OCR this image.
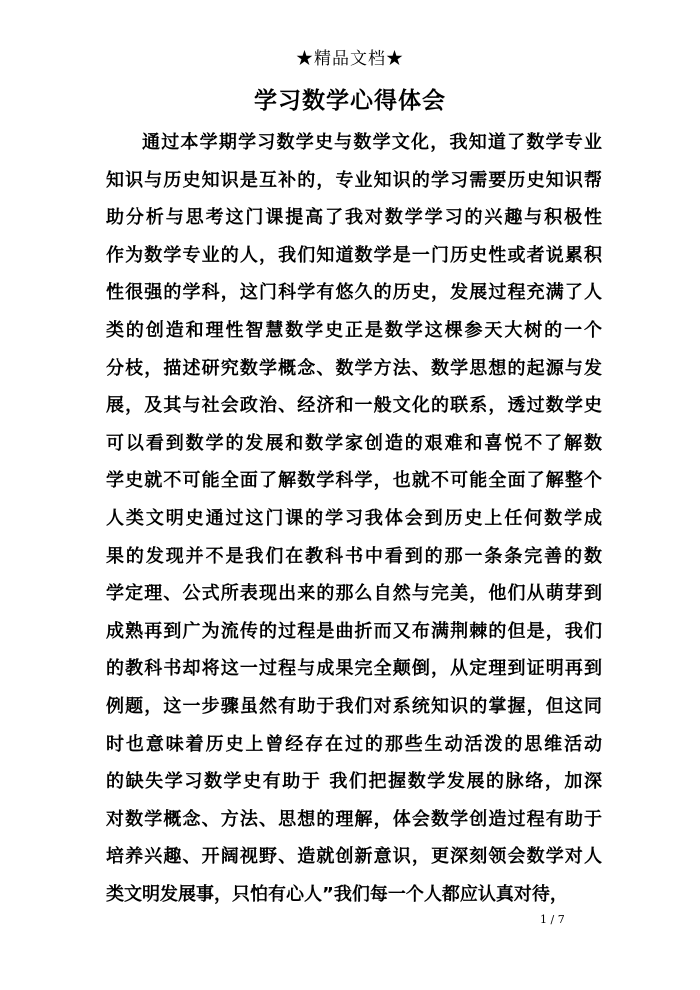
★精品文档★
学习数学心得体会
通过本学期学习数学史与数学文化，我知道了数学专业
知识与历史知识是互补的，专业知识的学习需要历史知识帮
助分析与思考这门课提高了我对数学学习的兴趣与积极性
作为数学专业的人，我们知道数学是一门历史性或者说累积
性很强的学科，这门科学有悠久的历史，发展过程充满了人
类的创造和理性智慧数学史正是数学这棵参天大树的一个
分枝，描述研究数学概念、数学方法、数学思想的起源与发
展，及其与社会政治、经济和一般文化的联系，透过数学史
可以看到数学的发展和数学家创造的艰难和喜悦不了解数
学史就不可能全面了解数学科学，也就不可能全面了解整个
人类文明史通过这门课的学习我体会到历史上任何数学成
果的发现并不是我们在教科书中看到的那一条条完善的数
学定理、公式所表现出来的那么自然与完美，他们从萌芽到
成熟再到广为流传的过程是曲折而又布满荆棘的但是，我们
的教科书却将这一过程与成果完全颠倒，从定理到证明再到
例题，这一步骤虽然有助于我们对系统知识的掌握，但这同
时也意味着历史上曾经存在过的那些生动活泼的思维活动
的缺失学习数学史有助于 我们把握数学发展的脉络，加深
对数学概念、方法、思想的理解，体会数学创造过程有助于
培养兴趣、开阔视野、造就创新意识，更深刻领会数学对人
类文明发展事，只怕有心人”我们每一个人都应认真对待，
1 / 7
